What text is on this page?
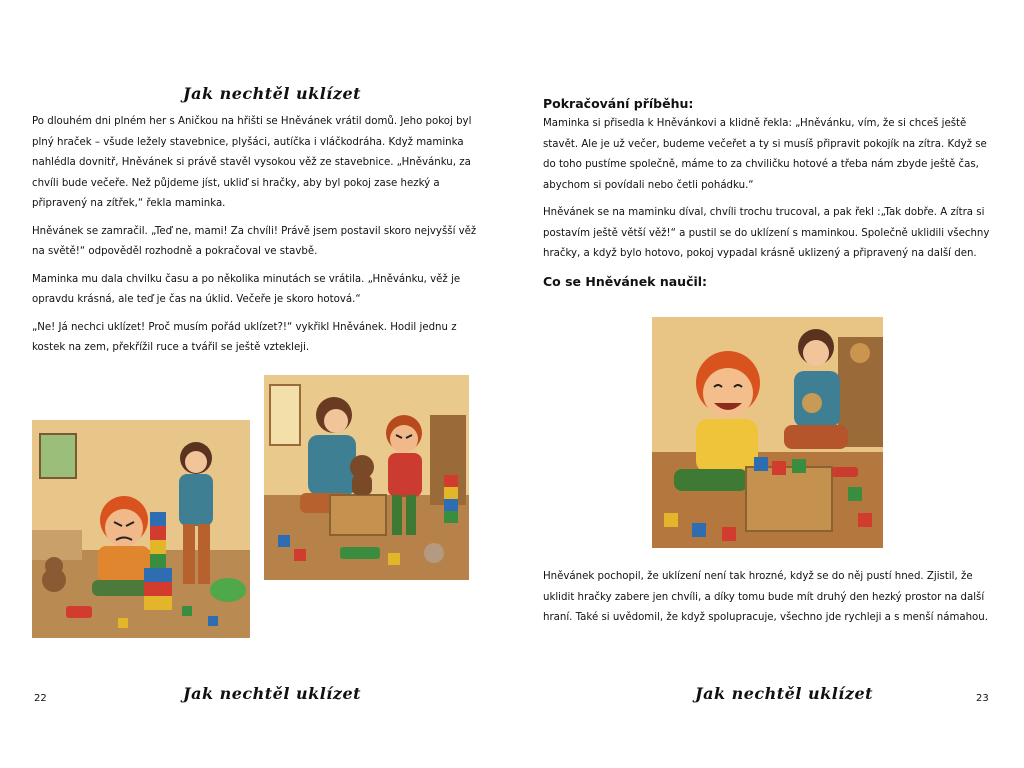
Jak nechtěl uklízet

Po dlouhém dni plném her s Aničkou na hřišti se Hněvánek vrátil domů. Jeho pokoj byl plný hraček – všude ležely stavebnice, plyšáci, autíčka i vláčkodráha. Když maminka nahlédla dovnitř, Hněvánek si právě stavěl vysokou věž ze stavebnice. „Hněvánku, za chvíli bude večeře. Než půjdeme jíst, ukliď si hračky, aby byl pokoj zase hezký a připravený na zítřek,“ řekla maminka.

Hněvánek se zamračil. „Teď ne, mami! Za chvíli! Právě jsem postavil skoro nejvyšší věž na světě!“ odpověděl rozhodně a pokračoval ve stavbě.

Maminka mu dala chvilku času a po několika minutách se vrátila. „Hněvánku, věž je opravdu krásná, ale teď je čas na úklid. Večeře je skoro hotová.“

„Ne! Já nechci uklízet! Proč musím pořád uklízet?!“ vykřikl Hněvánek. Hodil jednu z kostek na zem, překřížil ruce a tvářil se ještě vztekleji.

Jak nechtěl uklízet
22
Pokračování příběhu:

Maminka si přisedla k Hněvánkovi a klidně řekla: „Hněvánku, vím, že si chceš ještě stavět. Ale je už večer, budeme večeřet a ty si musíš připravit pokojík na zítra. Když se do toho pustíme společně, máme to za chviličku hotové a třeba nám zbyde ještě čas, abychom si povídali nebo četli pohádku.“

Hněvánek se na maminku díval, chvíli trochu trucoval, a pak řekl :„Tak dobře. A zítra si postavím ještě větší věž!“ a pustil se do uklízení s maminkou. Společně uklidili všechny hračky, a když bylo hotovo, pokoj vypadal krásně uklizený a připravený na další den.

Co se Hněvánek naučil:

Hněvánek pochopil, že uklízení není tak hrozné, když se do něj pustí hned. Zjistil, že uklidit hračky zabere jen chvíli, a díky tomu bude mít druhý den hezký prostor na další hraní. Také si uvědomil, že když spolupracuje, všechno jde rychleji a s menší námahou.

Jak nechtěl uklízet	23
